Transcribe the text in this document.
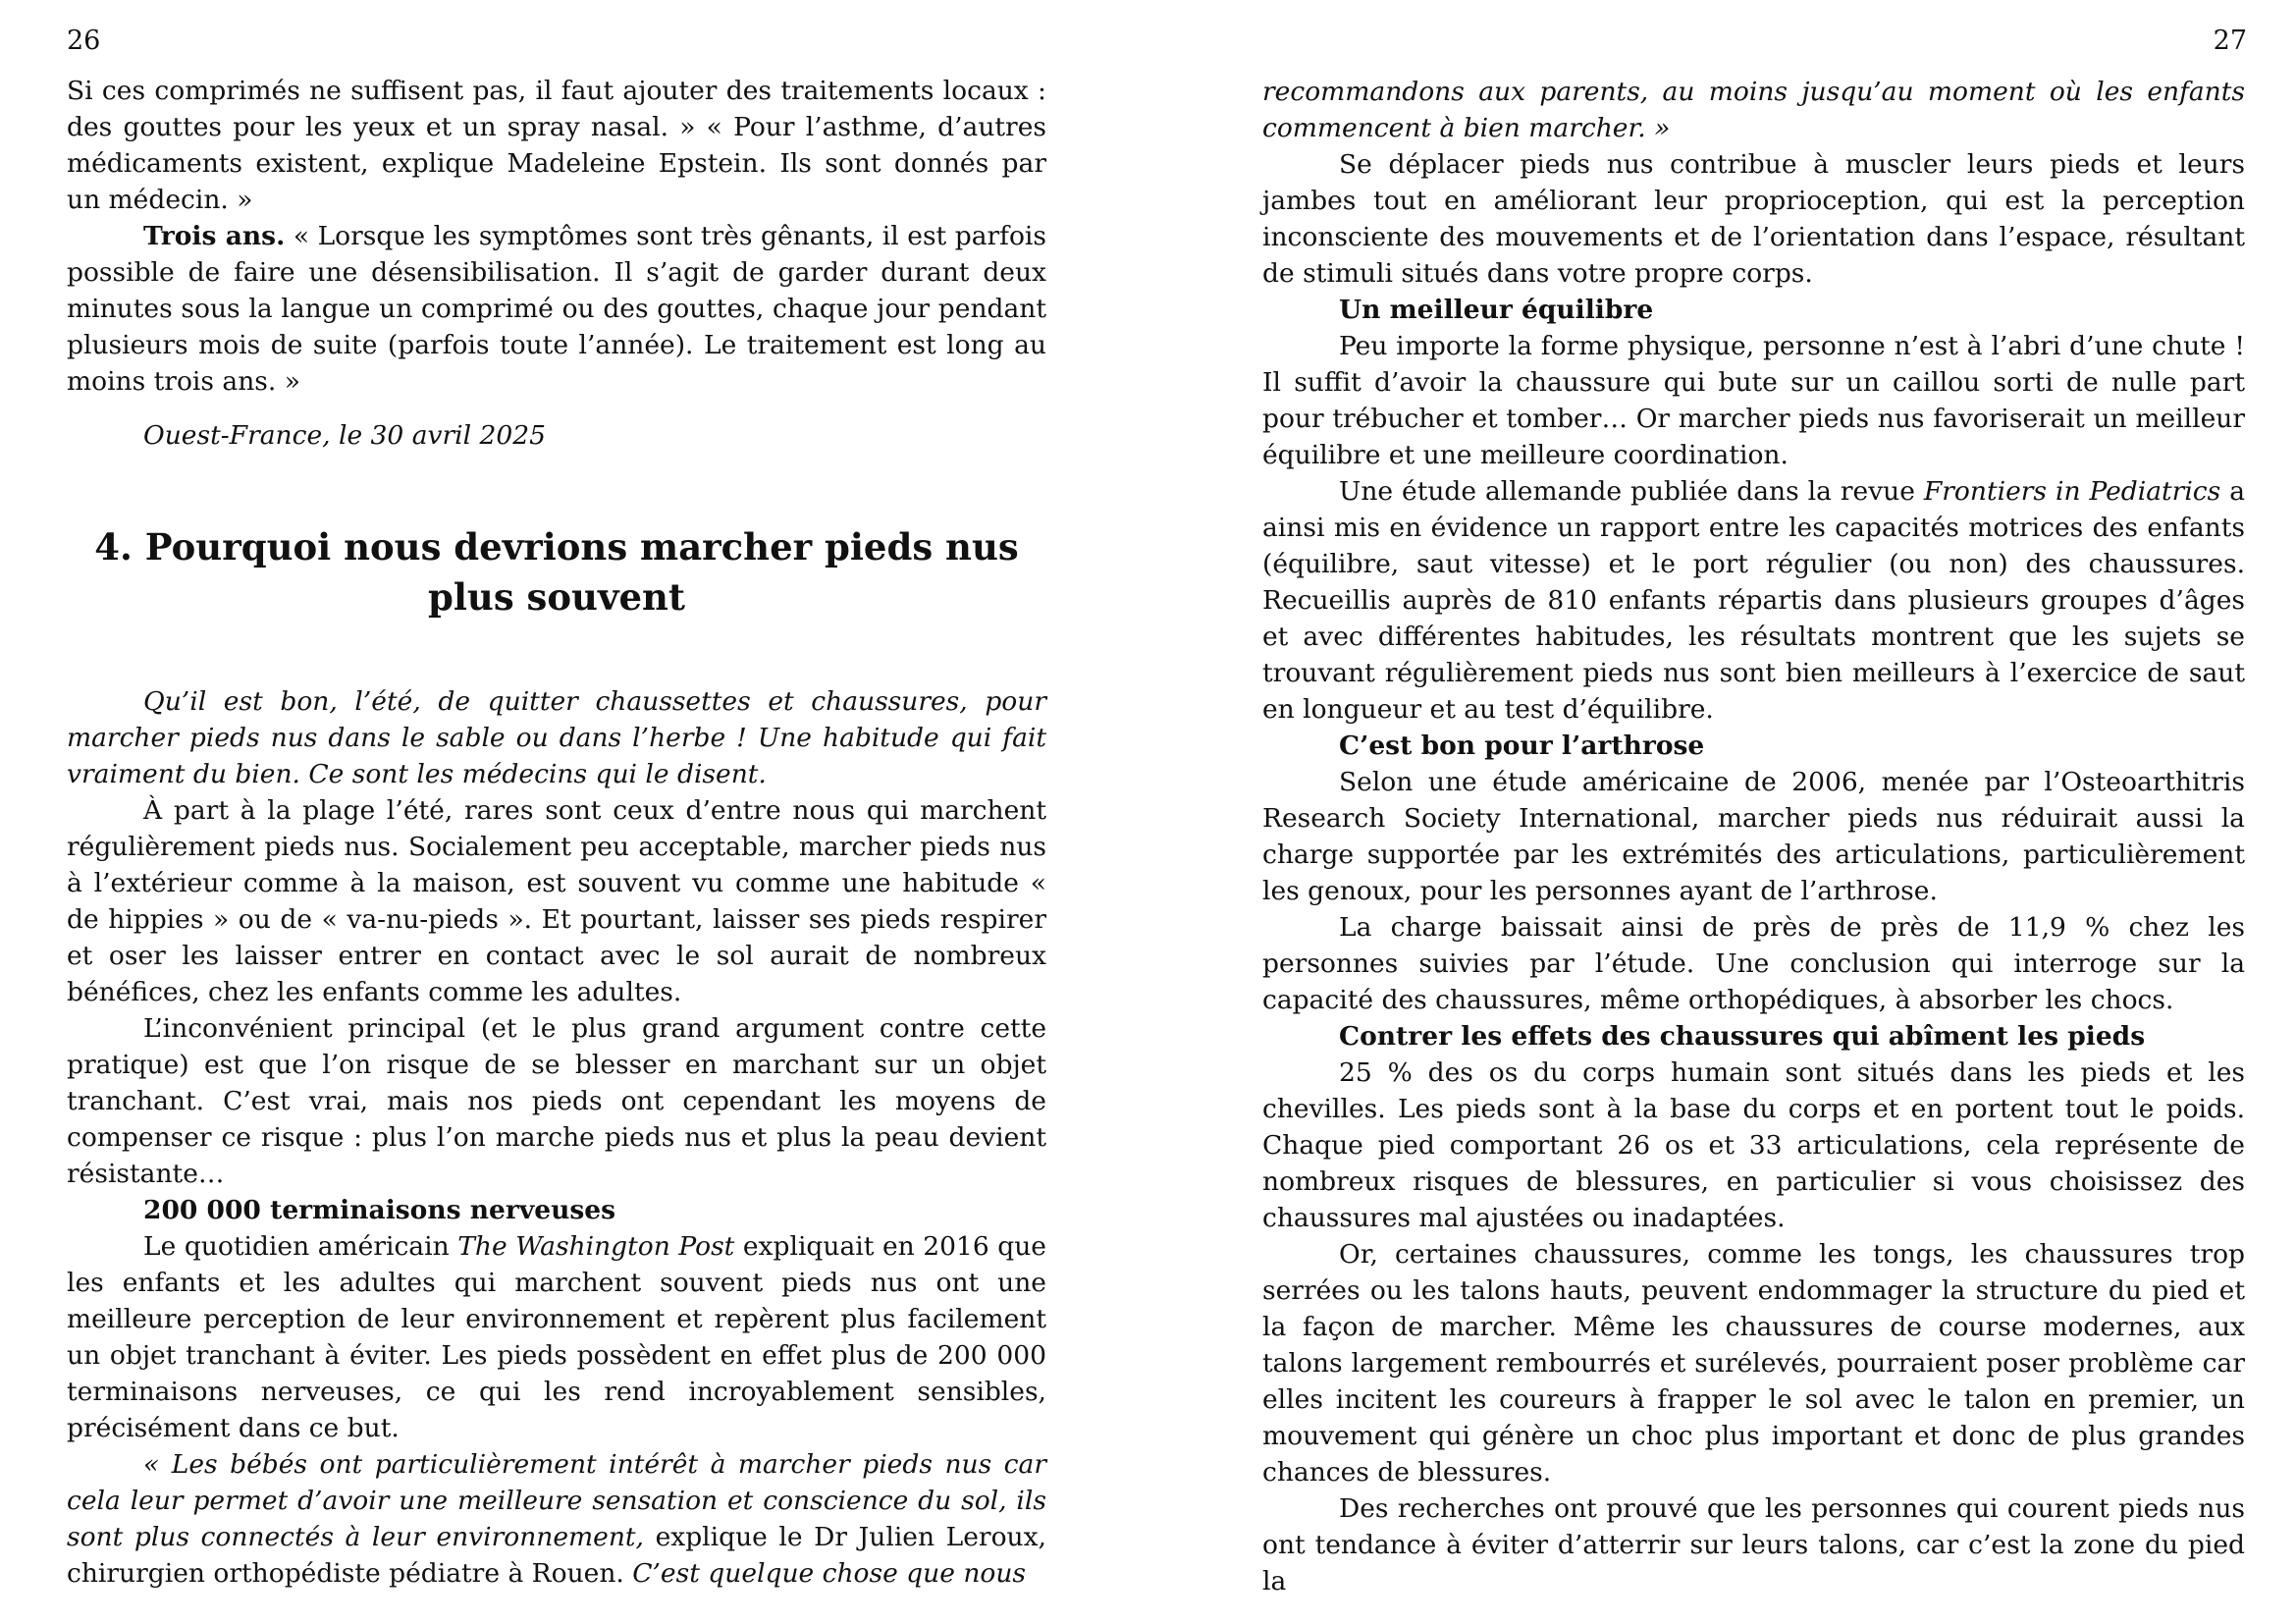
26

Si ces comprimés ne suffisent pas, il faut ajouter des traitements locaux : des gouttes pour les yeux et un spray nasal. » « Pour l’asthme, d’autres médicaments existent, explique Madeleine Epstein. Ils sont donnés par un médecin. »

Trois ans. « Lorsque les symptômes sont très gênants, il est parfois possible de faire une désensibilisation. Il s’agit de garder durant deux minutes sous la langue un comprimé ou des gouttes, chaque jour pendant plusieurs mois de suite (parfois toute l’année). Le traitement est long au moins trois ans. »

Ouest-France, le 30 avril 2025

4. Pourquoi nous devrions marcher pieds nus plus souvent

Qu’il est bon, l’été, de quitter chaussettes et chaussures, pour marcher pieds nus dans le sable ou dans l’herbe ! Une habitude qui fait vraiment du bien. Ce sont les médecins qui le disent.

À part à la plage l’été, rares sont ceux d’entre nous qui marchent régulièrement pieds nus. Socialement peu acceptable, marcher pieds nus à l’extérieur comme à la maison, est souvent vu comme une habitude « de hippies » ou de « va-nu-pieds ». Et pourtant, laisser ses pieds respirer et oser les laisser entrer en contact avec le sol aurait de nombreux bénéfices, chez les enfants comme les adultes.

L’inconvénient principal (et le plus grand argument contre cette pratique) est que l’on risque de se blesser en marchant sur un objet tranchant. C’est vrai, mais nos pieds ont cependant les moyens de compenser ce risque : plus l’on marche pieds nus et plus la peau devient résistante…

200 000 terminaisons nerveuses

Le quotidien américain The Washington Post expliquait en 2016 que les enfants et les adultes qui marchent souvent pieds nus ont une meilleure perception de leur environnement et repèrent plus facilement un objet tranchant à éviter. Les pieds possèdent en effet plus de 200 000 terminaisons nerveuses, ce qui les rend incroyablement sensibles, précisément dans ce but.

« Les bébés ont particulièrement intérêt à marcher pieds nus car cela leur permet d’avoir une meilleure sensation et conscience du sol, ils sont plus connectés à leur environnement, explique le Dr Julien Leroux, chirurgien orthopédiste pédiatre à Rouen. C’est quelque chose que nous

27

recommandons aux parents, au moins jusqu’au moment où les enfants commencent à bien marcher. »

Se déplacer pieds nus contribue à muscler leurs pieds et leurs jambes tout en améliorant leur proprioception, qui est la perception inconsciente des mouvements et de l’orientation dans l’espace, résultant de stimuli situés dans votre propre corps.

Un meilleur équilibre

Peu importe la forme physique, personne n’est à l’abri d’une chute ! Il suffit d’avoir la chaussure qui bute sur un caillou sorti de nulle part pour trébucher et tomber… Or marcher pieds nus favoriserait un meilleur équilibre et une meilleure coordination.

Une étude allemande publiée dans la revue Frontiers in Pediatrics a ainsi mis en évidence un rapport entre les capacités motrices des enfants (équilibre, saut vitesse) et le port régulier (ou non) des chaussures. Recueillis auprès de 810 enfants répartis dans plusieurs groupes d’âges et avec différentes habitudes, les résultats montrent que les sujets se trouvant régulièrement pieds nus sont bien meilleurs à l’exercice de saut en longueur et au test d’équilibre.

C’est bon pour l’arthrose

Selon une étude américaine de 2006, menée par l’Osteoarthitris Research Society International, marcher pieds nus réduirait aussi la charge supportée par les extrémités des articulations, particulièrement les genoux, pour les personnes ayant de l’arthrose.

La charge baissait ainsi de près de près de 11,9 % chez les personnes suivies par l’étude. Une conclusion qui interroge sur la capacité des chaussures, même orthopédiques, à absorber les chocs.

Contrer les effets des chaussures qui abîment les pieds

25 % des os du corps humain sont situés dans les pieds et les chevilles. Les pieds sont à la base du corps et en portent tout le poids. Chaque pied comportant 26 os et 33 articulations, cela représente de nombreux risques de blessures, en particulier si vous choisissez des chaussures mal ajustées ou inadaptées.

Or, certaines chaussures, comme les tongs, les chaussures trop serrées ou les talons hauts, peuvent endommager la structure du pied et la façon de marcher. Même les chaussures de course modernes, aux talons largement rembourrés et surélevés, pourraient poser problème car elles incitent les coureurs à frapper le sol avec le talon en premier, un mouvement qui génère un choc plus important et donc de plus grandes chances de blessures.

Des recherches ont prouvé que les personnes qui courent pieds nus ont tendance à éviter d’atterrir sur leurs talons, car c’est la zone du pied la
